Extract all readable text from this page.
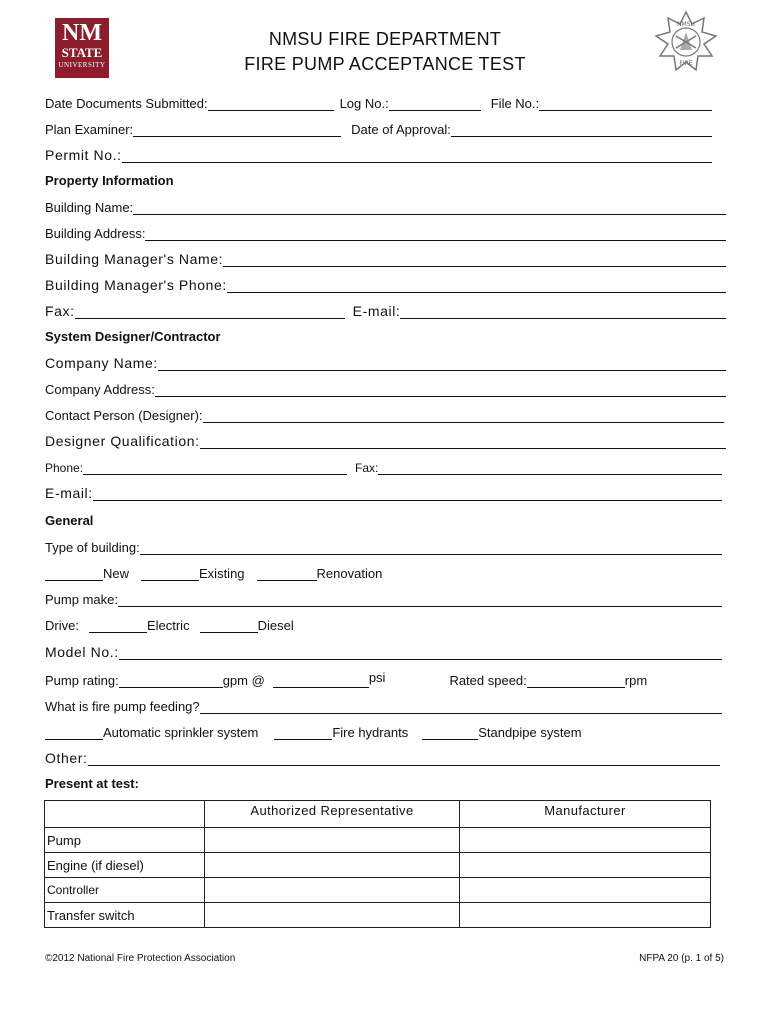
NM
STATE
UNIVERSITY
NMSU FIRE DEPARTMENT
FIRE PUMP ACCEPTANCE TEST
NMSU
FIRE
Date Documents Submitted:	Log No.:	File No.:
Plan Examiner:	Date of Approval:
Permit No.:
Property Information
Building Name:
Building Address:
Building Manager's Name:
Building Manager's Phone:
Fax:	E-mail:
System Designer/Contractor
Company Name:
Company Address:
Contact Person (Designer):
Designer Qualification:
Phone:	Fax:
E-mail:
General
Type of building:
New	Existing	Renovation
Pump make:
Drive:	Electric	Diesel
Model No.:
Pump rating:	gpm @	psi	Rated speed:	rpm
What is fire pump feeding?
Automatic sprinkler system	Fire hydrants	Standpipe system
Other:
Present at test:
	Authorized Representative	Manufacturer
Pump		
Engine (if diesel)		
Controller		
Transfer switch		
©2012 National Fire Protection Association	NFPA 20 (p. 1 of 5)
